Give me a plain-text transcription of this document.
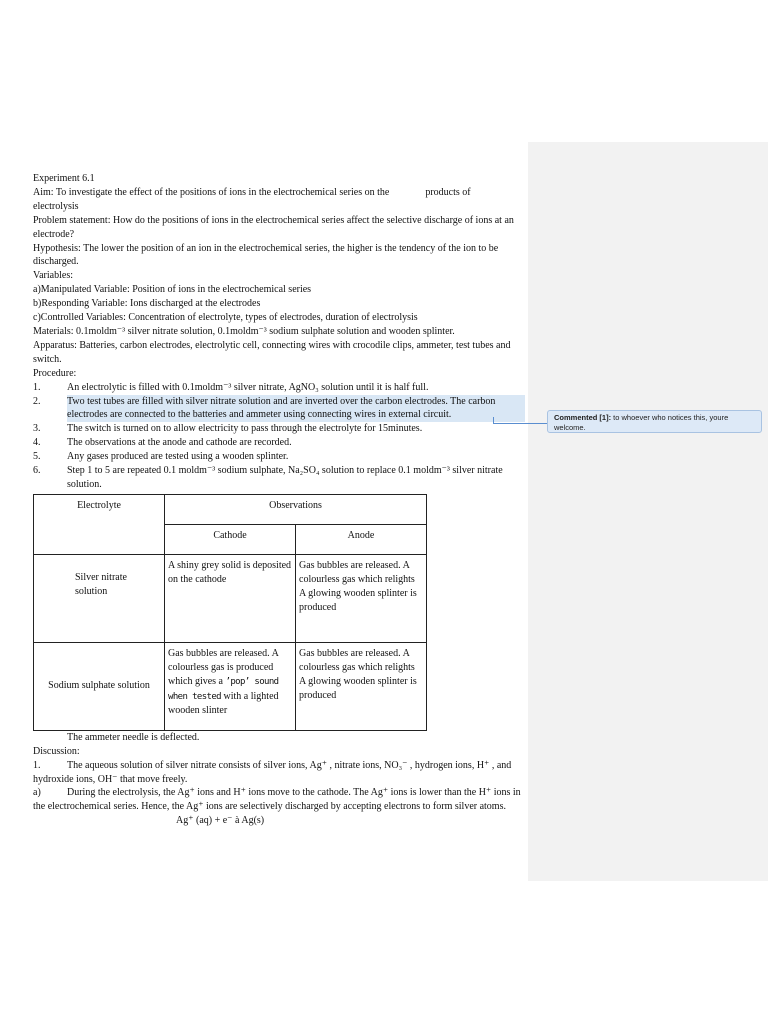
Experiment 6.1

Aim: To investigate the effect of the positions of ions in the electrochemical series on the	products of

electrolysis

Problem statement: How do the positions of ions in the electrochemical series affect the selective discharge of ions at an electrode?

Hypothesis: The lower the position of an ion in the electrochemical series, the higher is the tendency of the ion to be discharged.

Variables:

a)Manipulated Variable: Position of ions in the electrochemical series

b)Responding Variable: Ions discharged at the electrodes

c)Controlled Variables: Concentration of electrolyte, types of electrodes, duration of electrolysis

Materials: 0.1moldm⁻³ silver nitrate solution, 0.1moldm⁻³ sodium sulphate solution and wooden splinter.

Apparatus: Batteries, carbon electrodes, electrolytic cell, connecting wires with crocodile clips, ammeter, test tubes and switch.

Procedure:

1.	An electrolytic is filled with 0.1moldm⁻³ silver nitrate, AgNO₃ solution until it is half full.
2.	Two test tubes are filled with silver nitrate solution and are inverted over the carbon electrodes. The carbon electrodes are connected to the batteries and ammeter using connecting wires in external circuit.
3.	The switch is turned on to allow electricity to pass through the electrolyte for 15minutes.
4.	The observations at the anode and cathode are recorded.
5.	Any gases produced are tested using a wooden splinter.
6.	Step 1 to 5 are repeated 0.1 moldm⁻³ sodium sulphate, Na₂SO₄ solution to replace 0.1 moldm⁻³ silver nitrate solution.
Electrolyte	Observations	
	Cathode	Anode

Silver nitrate solution	A shiny grey solid is deposited on the cathode	Gas bubbles are released. A colourless gas which relights A glowing wooden splinter is produced
Sodium sulphate solution	Gas bubbles are released. A colourless gas is produced which gives a ’pop’ sound when tested with a lighted wooden slinter	Gas bubbles are released. A colourless gas which relights A glowing wooden splinter is produced

The ammeter needle is deflected.

Discussion:

1.	The aqueous solution of silver nitrate consists of silver ions, Ag⁺ , nitrate ions, NO₃⁻ , hydrogen ions, H⁺ , and hydroxide ions, OH⁻ that move freely.

a)	During the electrolysis, the Ag⁺ ions and H⁺ ions move to the cathode. The Ag⁺ ions is lower than the H⁺ ions in the electrochemical series. Hence, the Ag⁺ ions are selectively discharged by accepting electrons to form silver atoms.

Ag⁺ (aq) + e⁻ à Ag(s)

Commented [1]: to whoever who notices this, youre welcome.
